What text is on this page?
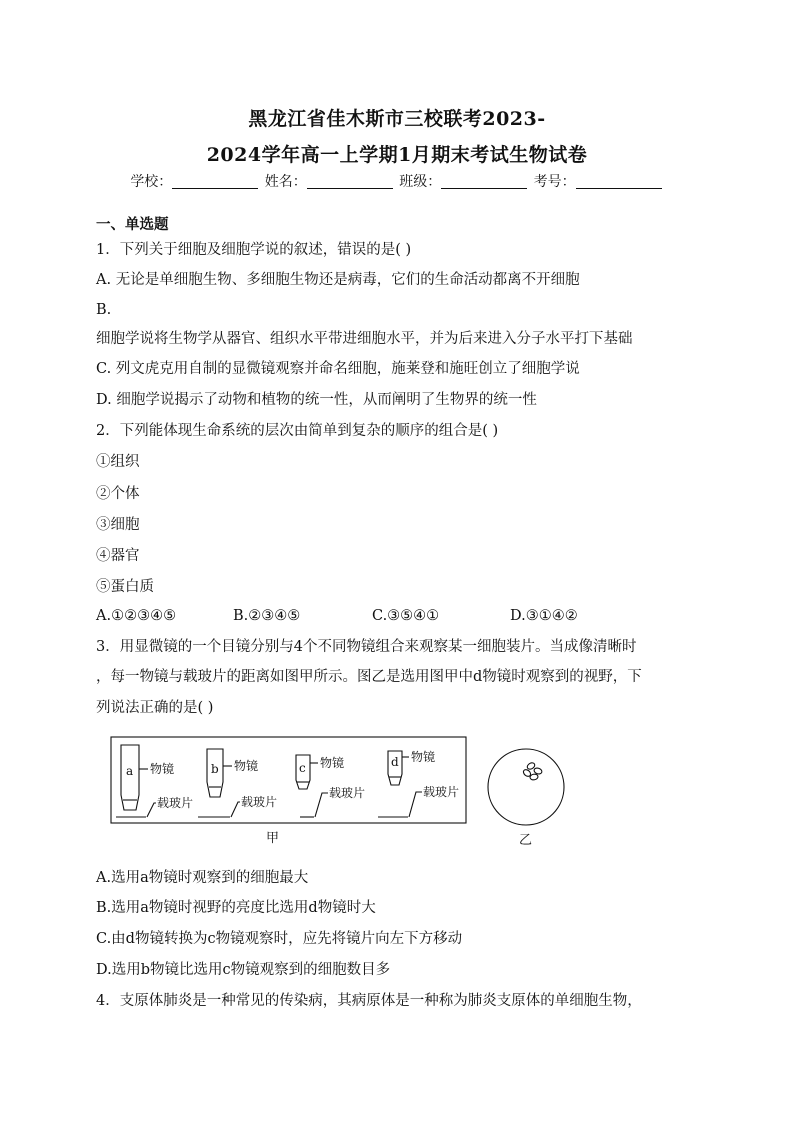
黑龙江省佳木斯市三校联考2023-
2024学年高一上学期1月期末考试生物试卷
学校：	姓名：	班级：	考号：
一、单选题
1．下列关于细胞及细胞学说的叙述，错误的是( )
A. 无论是单细胞生物、多细胞生物还是病毒，它们的生命活动都离不开细胞
B.
细胞学说将生物学从器官、组织水平带进细胞水平，并为后来进入分子水平打下基础
C. 列文虎克用自制的显微镜观察并命名细胞，施莱登和施旺创立了细胞学说
D. 细胞学说揭示了动物和植物的统一性，从而阐明了生物界的统一性
2．下列能体现生命系统的层次由简单到复杂的顺序的组合是( )
①组织
②个体
③细胞
④器官
⑤蛋白质
A.①②③④⑤	B.②③④⑤	C.③⑤④①	D.③①④②
3．用显微镜的一个目镜分别与4个不同物镜组合来观察某一细胞装片。当成像清晰时
，每一物镜与载玻片的距离如图甲所示。图乙是选用图甲中d物镜时观察到的视野，下
列说法正确的是( )
a	b	c	d
物镜	物镜	物镜	物镜
载玻片	载玻片
载玻片	载玻片
甲	乙
A.选用a物镜时观察到的细胞最大
B.选用a物镜时视野的亮度比选用d物镜时大
C.由d物镜转换为c物镜观察时，应先将镜片向左下方移动
D.选用b物镜比选用c物镜观察到的细胞数目多
4．支原体肺炎是一种常见的传染病，其病原体是一种称为肺炎支原体的单细胞生物，
